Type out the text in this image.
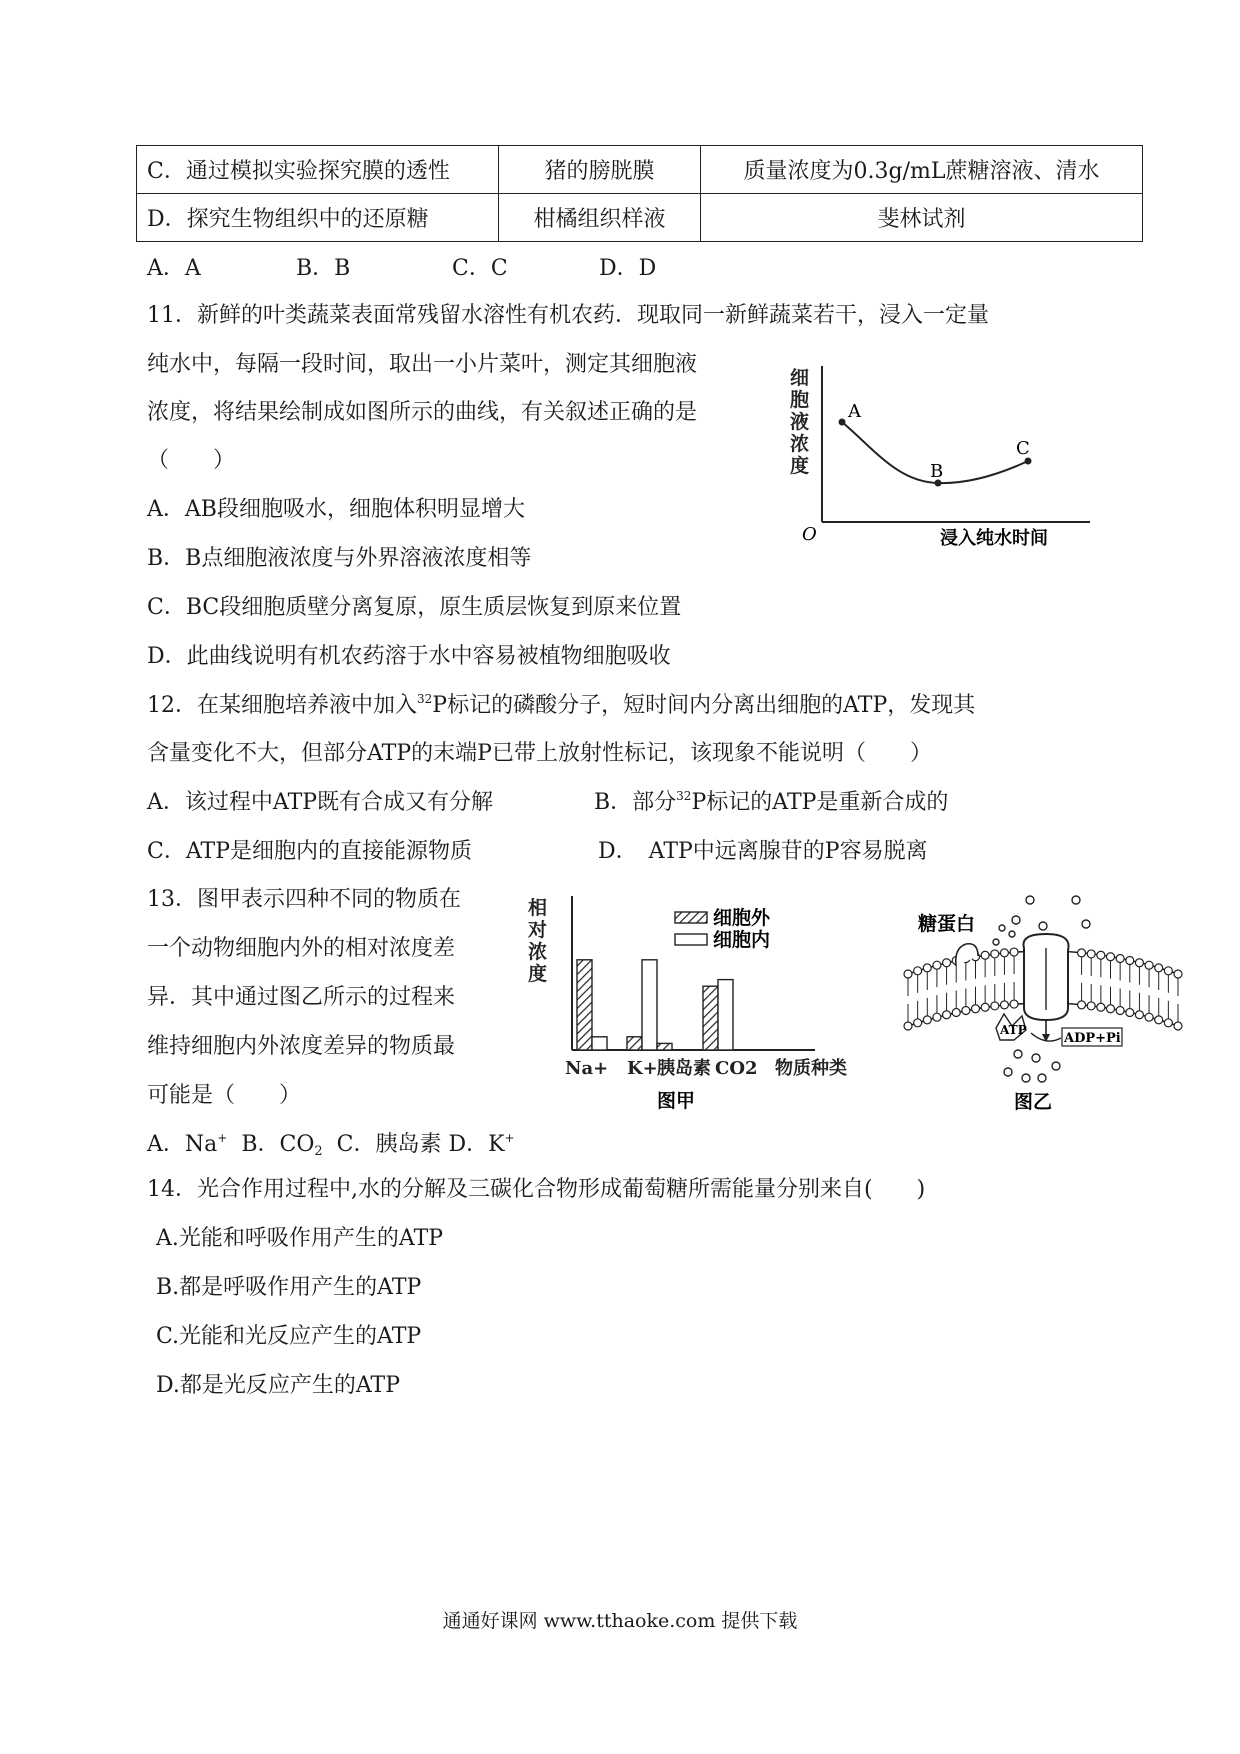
C．通过模拟实验探究膜的透性	猪的膀胱膜	质量浓度为0.3g/mL蔗糖溶液、清水
D．探究生物组织中的还原糖	柑橘组织样液	斐林试剂
A．A	B．B	C．C	D．D
11．新鲜的叶类蔬菜表面常残留水溶性有机农药．现取同一新鲜蔬菜若干，浸入一定量
纯水中，每隔一段时间，取出一小片菜叶，测定其细胞液
浓度，将结果绘制成如图所示的曲线，有关叙述正确的是
（　　）
A．AB段细胞吸水，细胞体积明显增大
B．B点细胞液浓度与外界溶液浓度相等
C．BC段细胞质壁分离复原，原生质层恢复到原来位置
D．此曲线说明有机农药溶于水中容易被植物细胞吸收
细
胞
液
浓
度
O	浸入纯水时间
A
B
C
12．在某细胞培养液中加入$^{32}$P标记的磷酸分子，短时间内分离出细胞的ATP，发现其
含量变化不大，但部分ATP的末端P已带上放射性标记，该现象不能说明（　　）
A．该过程中ATP既有合成又有分解	B．部分$^{32}$P标记的ATP是重新合成的
C．ATP是细胞内的直接能源物质	D．　ATP中远离腺苷的P容易脱离
13．图甲表示四种不同的物质在
一个动物细胞内外的相对浓度差
异．其中通过图乙所示的过程来
维持细胞内外浓度差异的物质最
可能是（　　）
A．Na+  B．$CO_2$  C．胰岛素 D．K+
相
对
浓
度
细胞外
细胞内
Na+ K+ 胰岛素 CO2 物质种类
图甲
糖蛋白
ATP
ADP+Pi
图乙
14．光合作用过程中,水的分解及三碳化合物形成葡萄糖所需能量分别来自(　　)
A.光能和呼吸作用产生的ATP
B.都是呼吸作用产生的ATP
C.光能和光反应产生的ATP
D.都是光反应产生的ATP
通通好课网 www.tthaoke.com 提供下载
